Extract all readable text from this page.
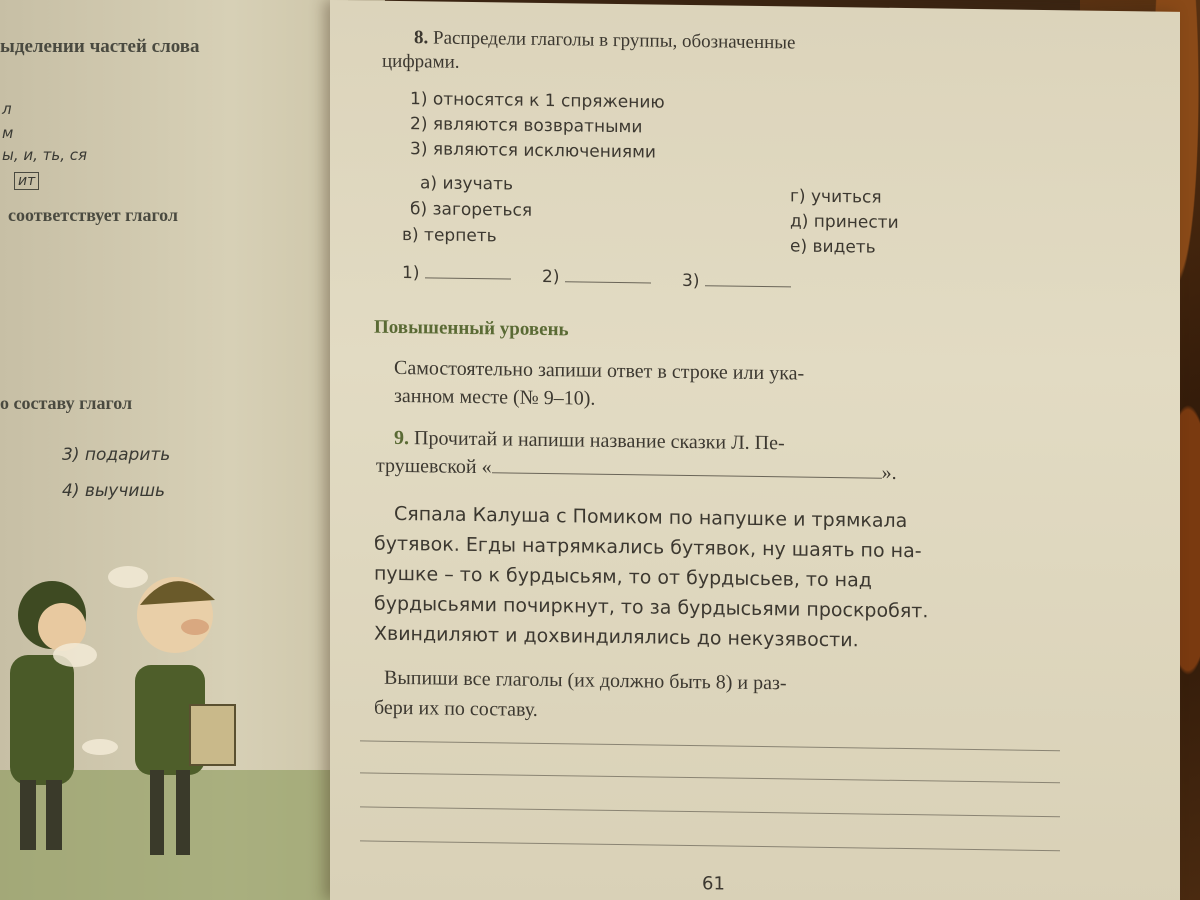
ыделении частей слова
л
м
ы, и, ть, ся
ит
соответствует глагол
о составу глагол
3) подарить
4) выучишь
8. Распредели глаголы в группы, обозначенные
цифрами.
1) относятся к 1 спряжению
2) являются возвратными
3) являются исключениями
а) изучать
б) загореться
в) терпеть
г) учиться
д) принести
е) видеть
1)	2)	3)
Повышенный уровень
Самостоятельно запиши ответ в строке или ука-
занном месте (№ 9–10).
9. Прочитай и напиши название сказки Л. Пе-
трушевской «	».
Сяпала Калуша с Помиком по напушке и трямкала
бутявок. Егды натрямкались бутявок, ну шаять по на-
пушке – то к бурдысьям, то от бурдысьев, то над
бурдысьями почиркнут, то за бурдысьями проскробят.
Хвиндиляют и дохвиндилялись до некузявости.
Выпиши все глаголы (их должно быть 8) и раз-
бери их по составу.
61
